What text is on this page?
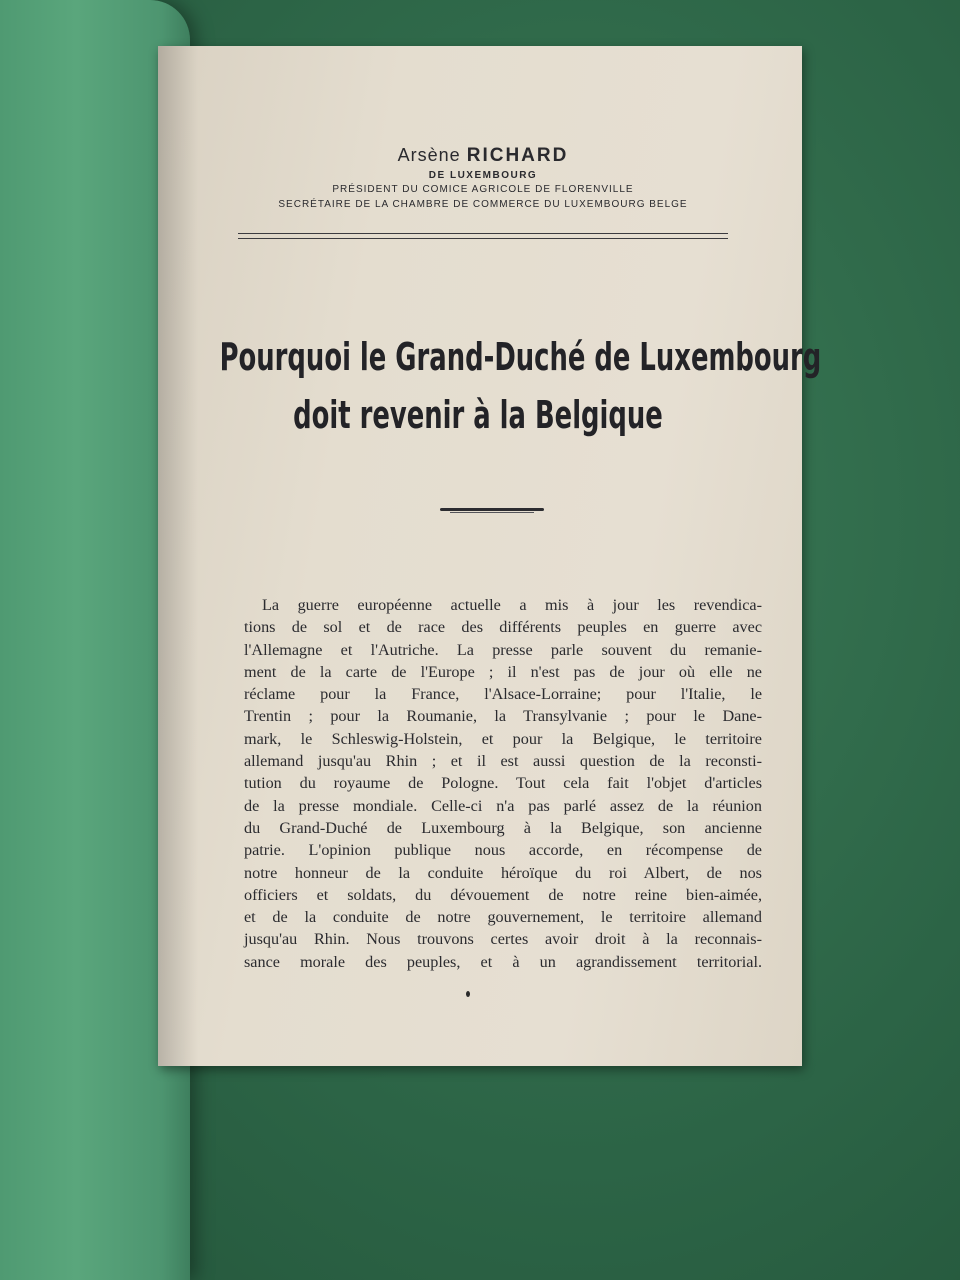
Arsène RICHARD
DE LUXEMBOURG
PRÉSIDENT DU COMICE AGRICOLE DE FLORENVILLE
SECRÉTAIRE DE LA CHAMBRE DE COMMERCE DU LUXEMBOURG BELGE
Pourquoi le Grand-Duché de Luxembourg
doit revenir à la Belgique
La guerre européenne actuelle a mis à jour les revendica-
tions de sol et de race des différents peuples en guerre avec
l'Allemagne et l'Autriche. La presse parle souvent du remanie-
ment de la carte de l'Europe ; il n'est pas de jour où elle ne
réclame pour la France, l'Alsace-Lorraine; pour l'Italie, le
Trentin ; pour la Roumanie, la Transylvanie ; pour le Dane-
mark, le Schleswig-Holstein, et pour la Belgique, le territoire
allemand jusqu'au Rhin ; et il est aussi question de la reconsti-
tution du royaume de Pologne. Tout cela fait l'objet d'articles
de la presse mondiale. Celle-ci n'a pas parlé assez de la réunion
du Grand-Duché de Luxembourg à la Belgique, son ancienne
patrie. L'opinion publique nous accorde, en récompense de
notre honneur de la conduite héroïque du roi Albert, de nos
officiers et soldats, du dévouement de notre reine bien-aimée,
et de la conduite de notre gouvernement, le territoire allemand
jusqu'au Rhin. Nous trouvons certes avoir droit à la reconnais-
sance morale des peuples, et à un agrandissement territorial.
